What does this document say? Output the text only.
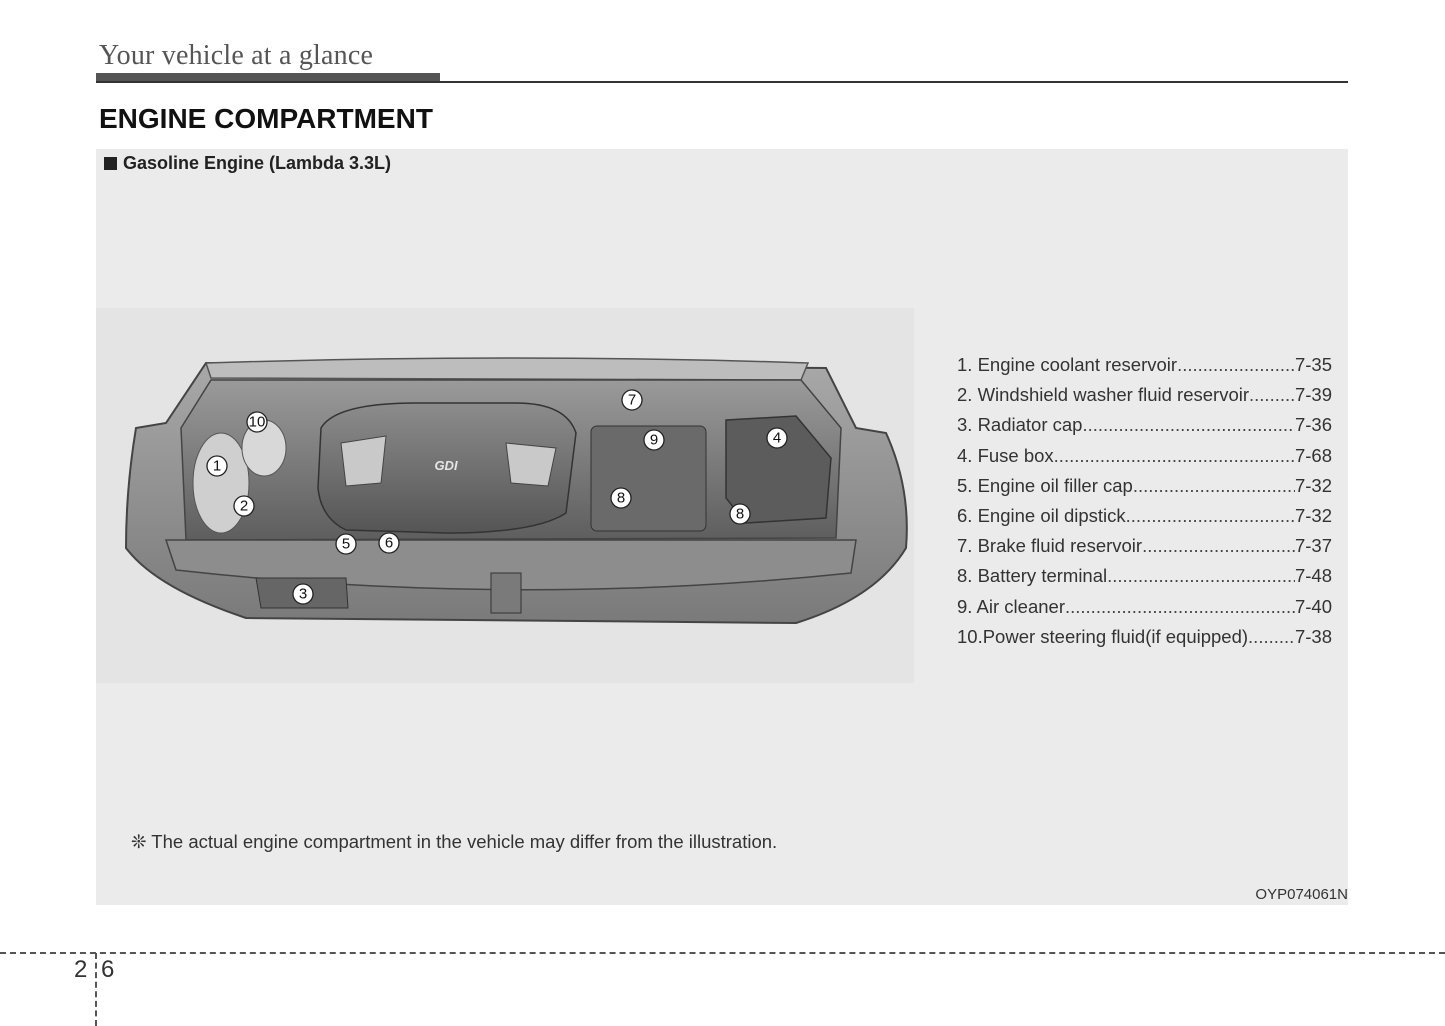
Your vehicle at a glance
ENGINE COMPARTMENT
Gasoline Engine (Lambda 3.3L)
GDI
1
2
3
4
5 6
7
8
8
9
10
1. Engine coolant reservoir .....	7-35
2. Windshield washer fluid reservoir ..... 7-39
3. Radiator cap .....	7-36
4. Fuse box .....	7-68
5. Engine oil filler cap .....	7-32
6. Engine oil dipstick .....	7-32
7. Brake fluid reservoir .....	7-37
8. Battery terminal .....	7-48
9. Air cleaner .....	7-40
10.Power steering fluid(if equipped) .....	7-38
❊ The actual engine compartment in the vehicle may differ from the illustration.
OYP074061N
2 6
